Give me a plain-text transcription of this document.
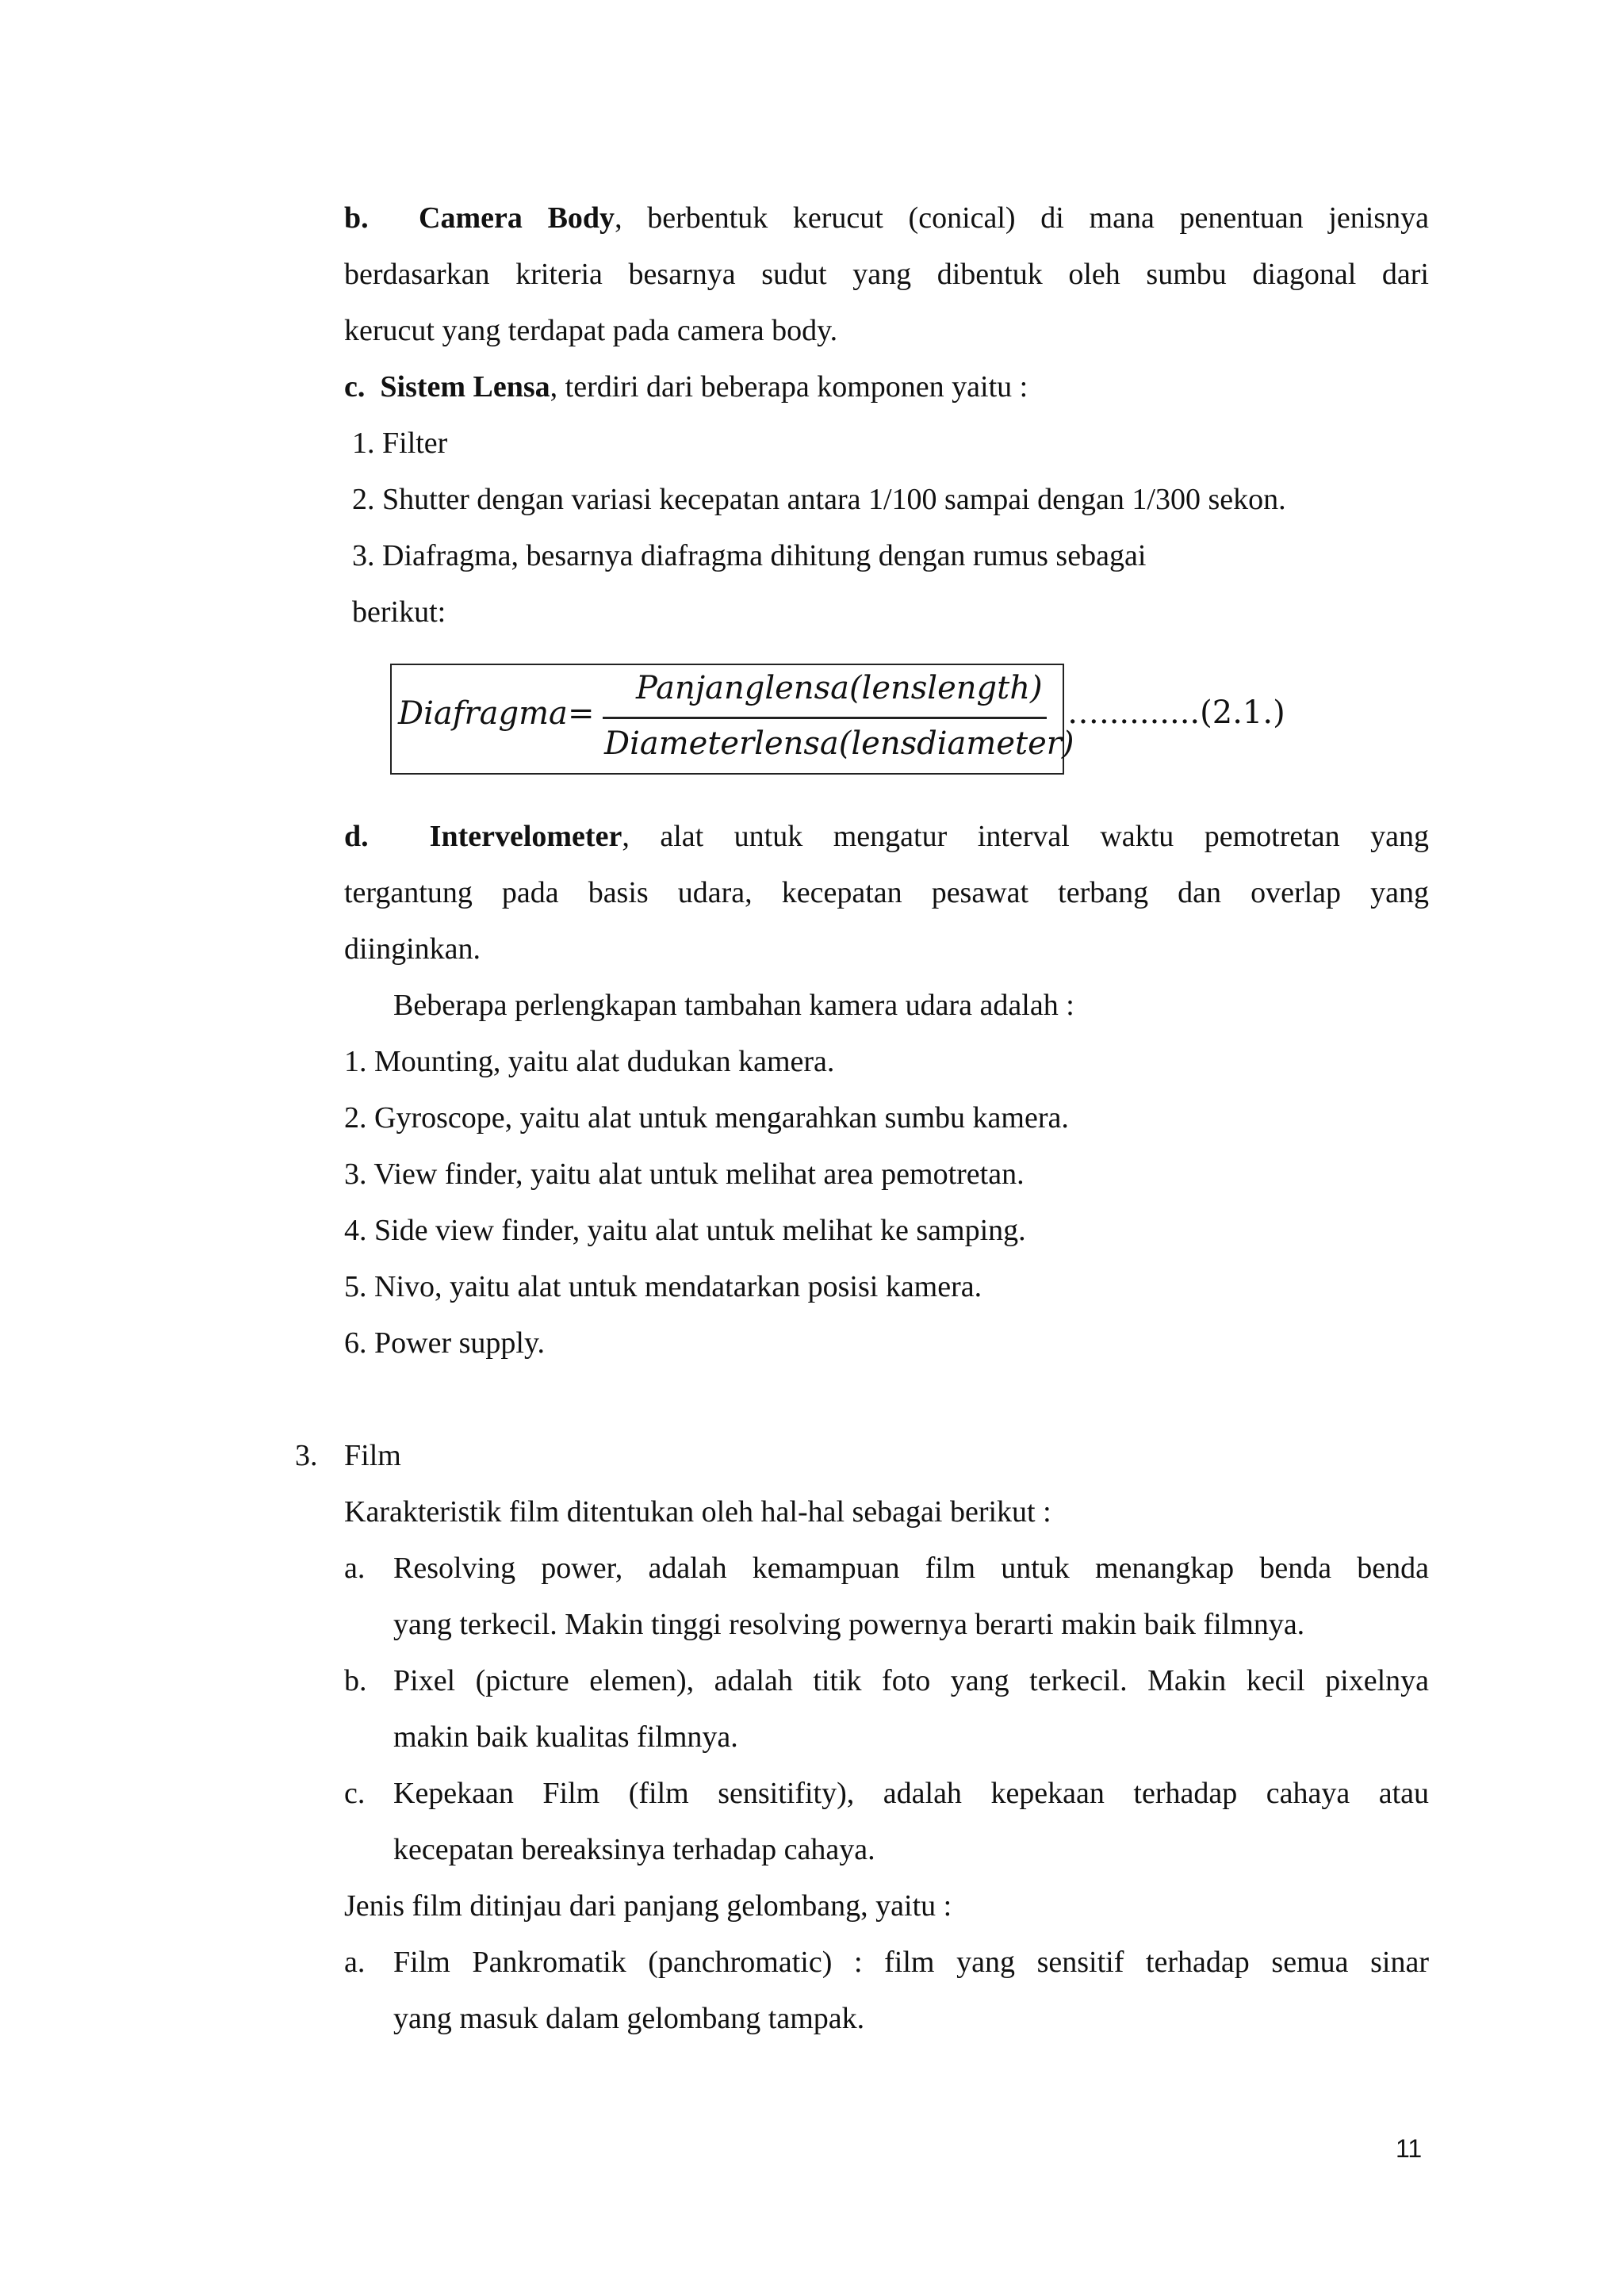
b. Camera Body, berbentuk kerucut (conical) di mana penentuan jenisnya
berdasarkan kriteria besarnya sudut yang dibentuk oleh sumbu diagonal dari
kerucut yang terdapat pada camera body.
c. Sistem Lensa, terdiri dari beberapa komponen yaitu :
1. Filter
2. Shutter dengan variasi kecepatan antara 1/100 sampai dengan 1/300 sekon.
3. Diafragma, besarnya diafragma dihitung dengan rumus sebagai
berikut:
Diafragma =
Panjanglensa(lenslength)
Diameterlensa(lensdiameter)
…..........(2.1.)
d. Intervelometer, alat untuk mengatur interval waktu pemotretan yang
tergantung pada basis udara, kecepatan pesawat terbang dan overlap yang
diinginkan.
Beberapa perlengkapan tambahan kamera udara adalah :
1. Mounting, yaitu alat dudukan kamera.
2. Gyroscope, yaitu alat untuk mengarahkan sumbu kamera.
3. View finder, yaitu alat untuk melihat area pemotretan.
4. Side view finder, yaitu alat untuk melihat ke samping.
5. Nivo, yaitu alat untuk mendatarkan posisi kamera.
6. Power supply.
3. Film
Karakteristik film ditentukan oleh hal-hal sebagai berikut :
a. Resolving power, adalah kemampuan film untuk menangkap benda benda
yang terkecil. Makin tinggi resolving powernya berarti makin baik filmnya.
b. Pixel (picture elemen), adalah titik foto yang terkecil. Makin kecil pixelnya
makin baik kualitas filmnya.
c. Kepekaan Film (film sensitifity), adalah kepekaan terhadap cahaya atau
kecepatan bereaksinya terhadap cahaya.
Jenis film ditinjau dari panjang gelombang, yaitu :
a. Film Pankromatik (panchromatic) : film yang sensitif terhadap semua sinar
yang masuk dalam gelombang tampak.
11
